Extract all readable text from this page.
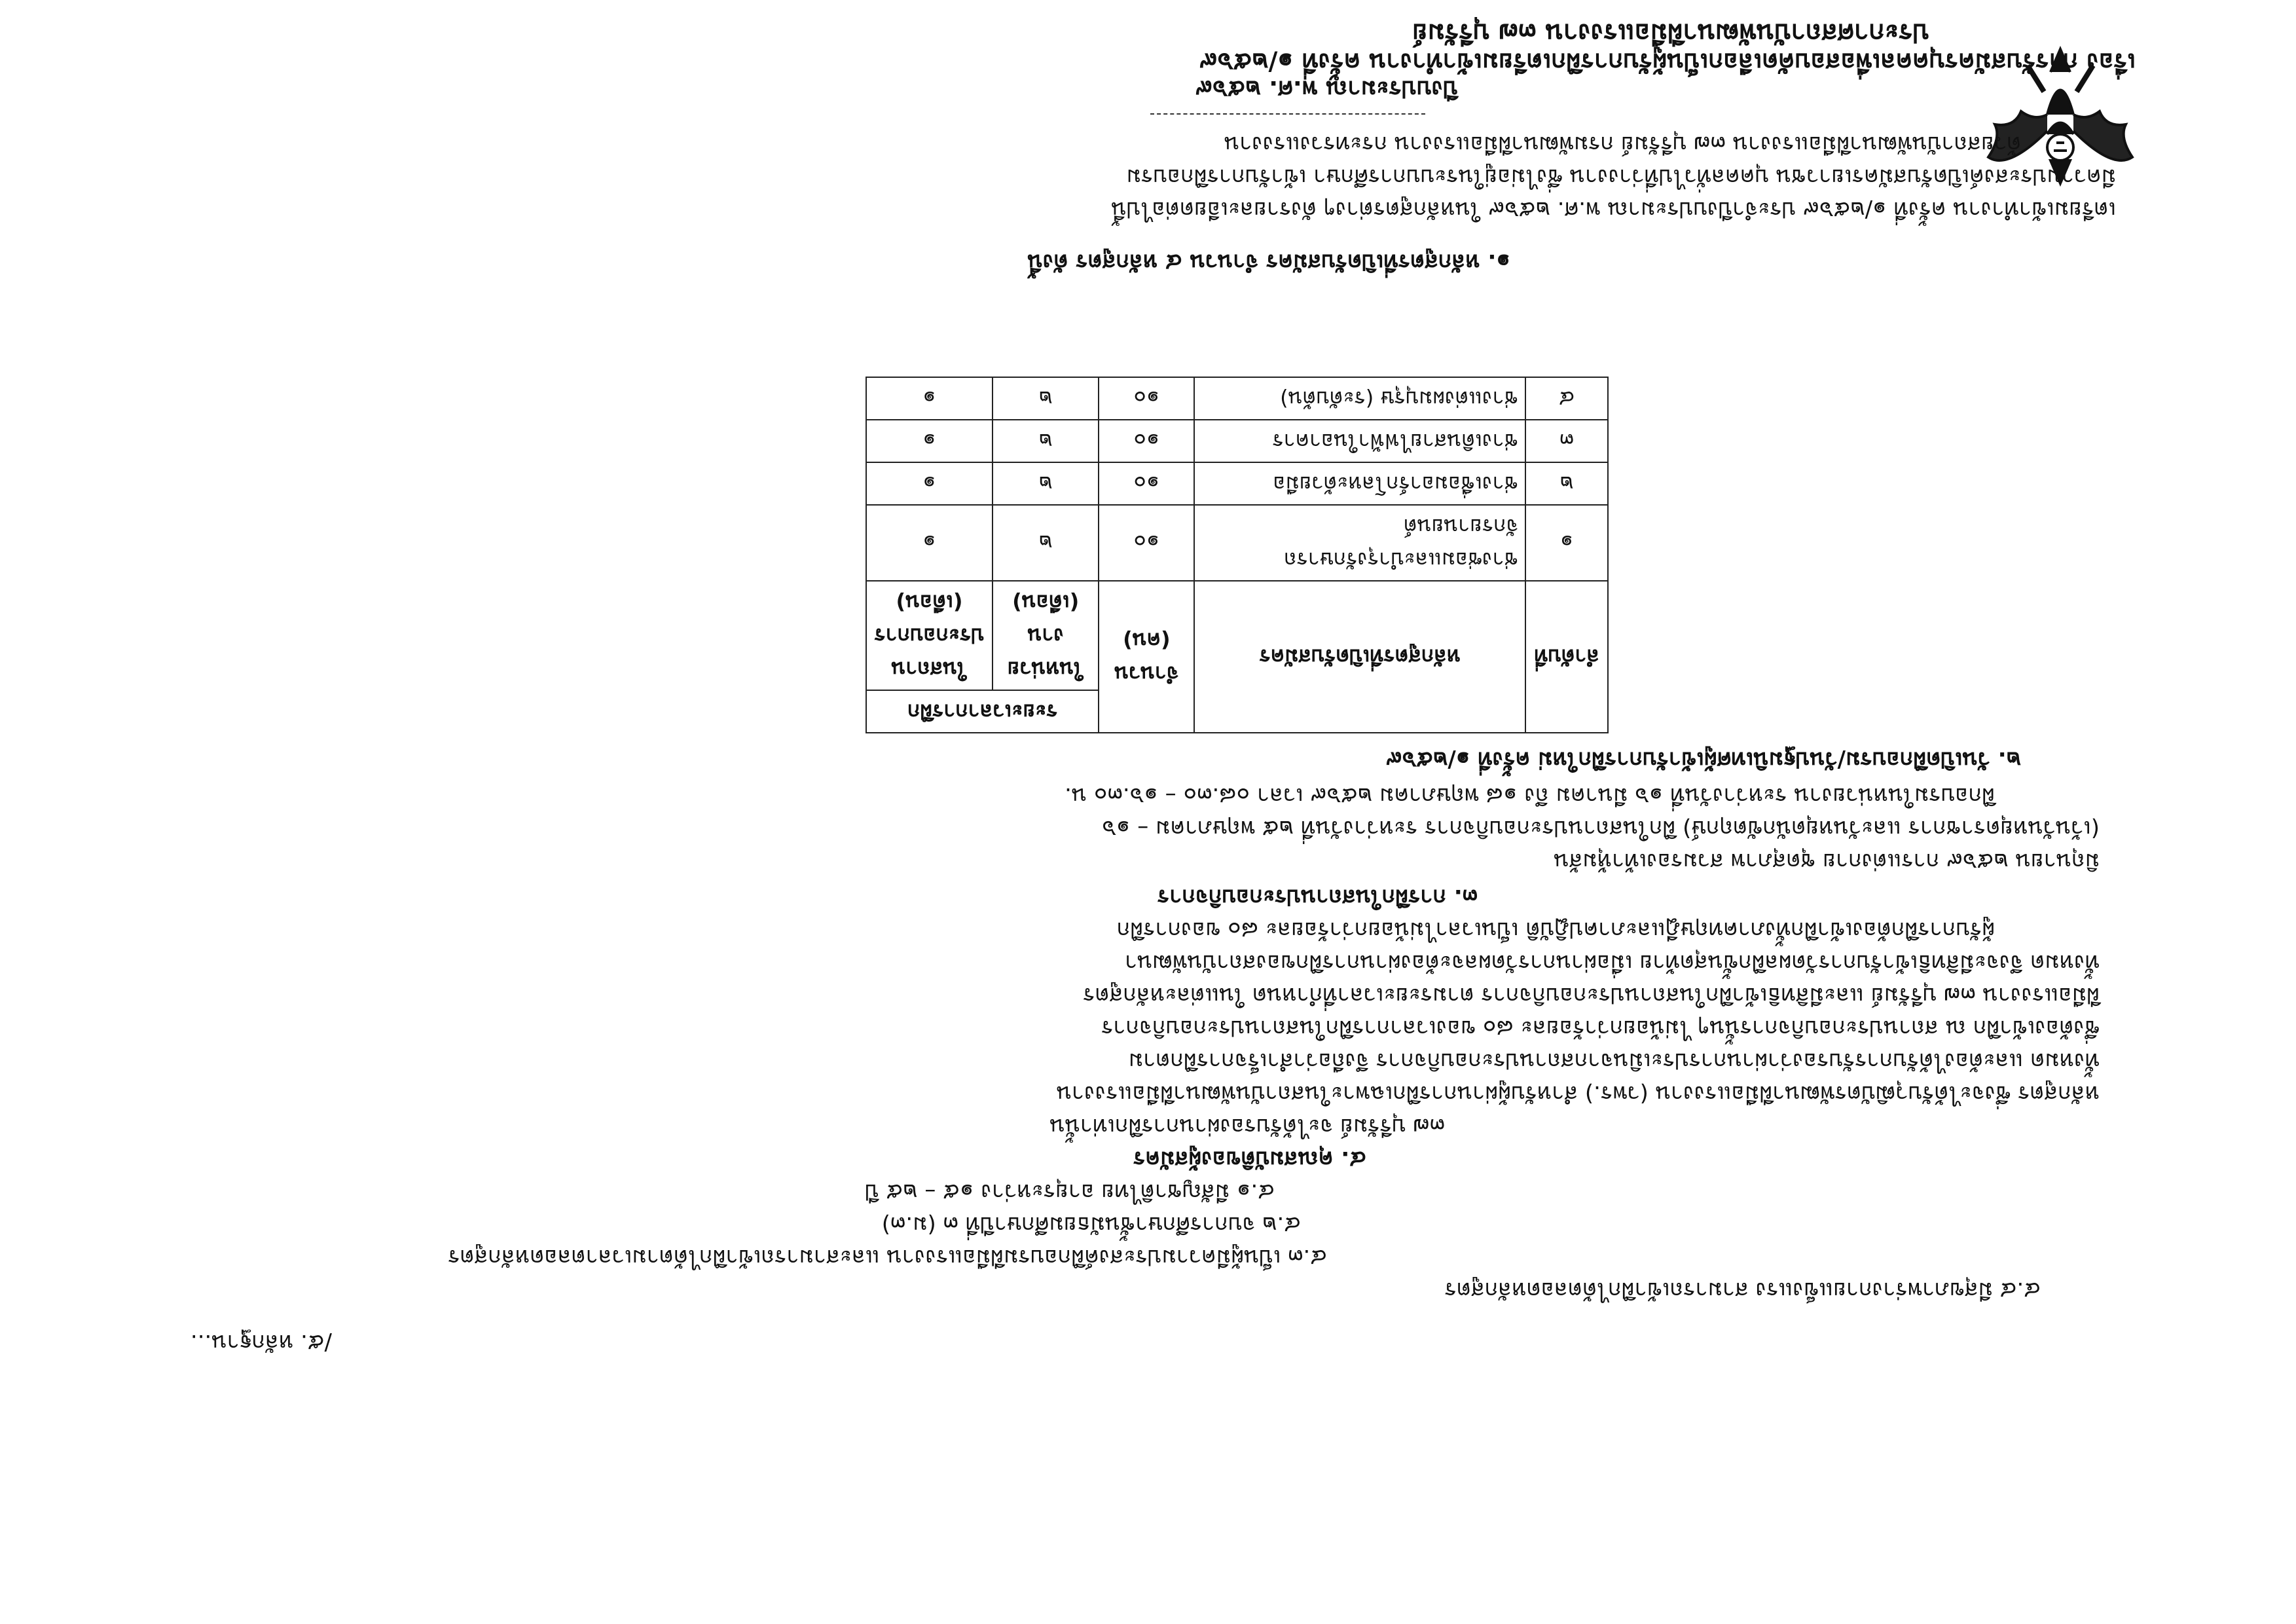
ประกาศสถาบันพัฒนาฝีมือแรงงาน ๓๗ บุรีรัมย์
เรื่อง การรับสมัครบุคคลเพื่อสอบคัดเลือกเป็นผู้รับการฝึกเตรียมเข้าทำงาน ครั้งที่ ๑/๒๕๖๙
ปีงบประมาณ พ.ศ. ๒๕๖๙
ด้วยสถาบันพัฒนาฝีมือแรงงาน ๓๗ บุรีรัมย์ กรมพัฒนาฝีมือแรงงาน กระทรวงแรงงาน
มีความประสงค์เปิดรับสมัครเยาวชน บุคคลทั่วไปที่ว่างงาน ซึ่งไม่อยู่ในระบบการศึกษา เข้ารับการฝึกอบรม
เตรียมเข้าทำงาน ครั้งที่ ๑/๒๕๖๙ ประจำปีงบประมาณ พ.ศ. ๒๕๖๙ ในหลักสูตรต่างๆ ดังรายละเอียดต่อไปนี้
๑. หลักสูตรที่เปิดรับสมัคร จำนวน ๔ หลักสูตร ดังนี้
ลำดับที่	หลักสูตรที่เปิดรับสมัคร	จำนวน (คน)	ระยะเวลาการฝึก	
			ในหน่วยงาน (เดือน)	ในสถานประกอบการ (เดือน)
๑	ช่างซ่อมและบำรุงรักษารถจักรยานยนต์	๑๐	๒	๑
๒	ช่างเชื่อมอาร์กโลหะด้วยมือ	๑๐	๒	๑
๓	ช่างเดินสายไฟฟ้าในอาคาร	๑๐	๒	๑
๔	ช่างแต่งผมบุรุษ (ระดับต้น)	๑๐	๒	๑
๒. วันเปิดฝึกอบรม/วันปฐมนิเทศผู้เข้ารับการฝึกใหม่ ครั้งที่ ๑/๒๕๖๙
ฝึกอบรมในหน่วยงาน ระหว่างวันที่ ๑๖ มีนาคม ถึง ๑๘ พฤษภาคม ๒๕๖๙ เวลา ๐๘.๓๐ – ๑๖.๓๐ น.
(เว้นวันหยุดราชการ และวันหยุดนักขัตฤกษ์) ฝึกในสถานประกอบกิจการ ระหว่างวันที่ ๒๕ พฤษภาคม – ๑๖
มิถุนายน ๒๕๖๙ การแต่งกาย ชุดสุภาพ สวมรองเท้าหุ้มส้น
๓. การฝึกในสถานประกอบกิจการ
ผู้รับการฝึกต้องเข้าฝึกทั้งภาคทฤษฎีและภาคปฏิบัติ เป็นเวลาไม่น้อยกว่าร้อยละ ๘๐ ของการฝึก
ทั้งหมด จึงจะมีสิทธิเข้ารับการวัดผลฝึกขั้นสุดท้าย เมื่อผ่านการวัดผลจะต้องผ่านการฝึกของสถาบันพัฒนา
ฝีมือแรงงาน ๓๗ บุรีรัมย์ และมีสิทธิเข้าฝึกในสถานประกอบกิจการ ตามระยะเวลาที่กำหนด ในแต่ละหลักสูตร
ซึ่งต้องเข้าฝึก ณ สถานประกอบกิจการนั้นๆ ไม่น้อยกว่าร้อยละ ๘๐ ของเวลาการฝึกในสถานประกอบกิจการ
ทั้งหมด และต้องได้รับการรับรองว่าผ่านการประเมินจากสถานประกอบกิจการ จึงถือว่าสำเร็จการฝึกตาม
หลักสูตร ซึ่งจะได้รับวุฒิบัตรพัฒนาฝีมือแรงงาน (วพร.) สำหรับผู้ผ่านการฝึกเฉพาะในสถาบันพัฒนาฝีมือแรงงาน
๓๗ บุรีรัมย์ จะได้รับรองผ่านการฝึกเท่านั้น
๔. คุณสมบัติของผู้สมัคร
๔.๑ มีสัญชาติไทย อายุระหว่าง ๑๕ – ๒๕ ปี
๔.๒ จบการศึกษาชั้นมัธยมศึกษาปีที่ ๓ (ม.๓)
๔.๓ เป็นผู้มีความประสงค์ฝึกอบรมฝีมือแรงงาน และสามารถเข้าฝึกได้ตามเวลาตลอดหลักสูตร
๔.๔ มีสุขภาพร่างกายแข็งแรง สามารถเข้าฝึกได้ตลอดหลักสูตร
/๕. หลักฐาน...
